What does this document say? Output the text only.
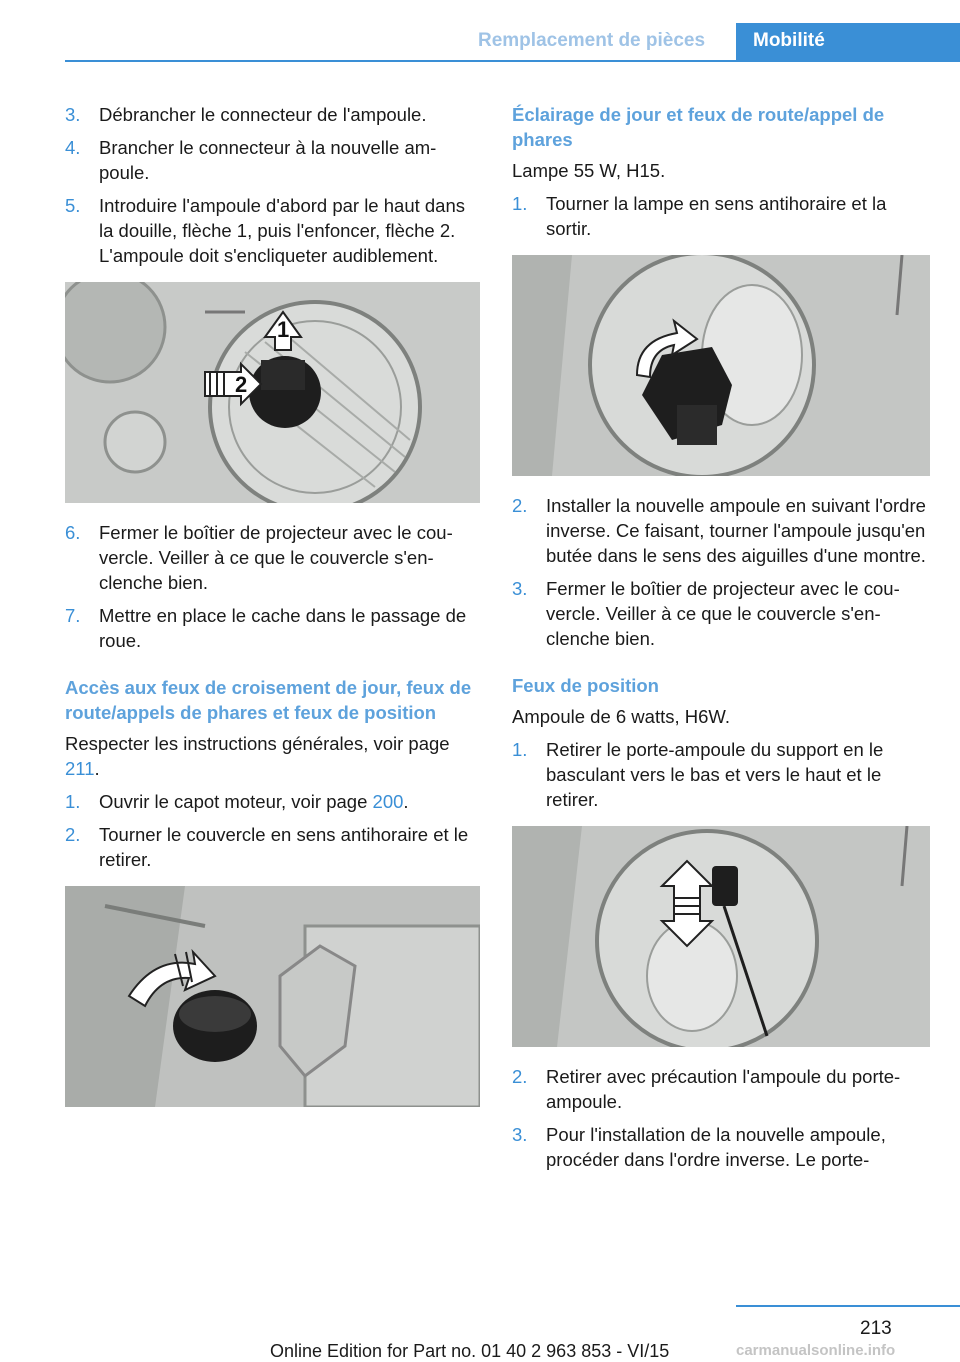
Remplacement de pièces	Mobilité
3. Débrancher le connecteur de l'ampoule.
4. Brancher le connecteur à la nouvelle ampoule.
5. Introduire l'ampoule d'abord par le haut dans la douille, flèche 1, puis l'enfoncer, flèche 2. L'ampoule doit s'encliqueter audiblement.
1
2
6. Fermer le boîtier de projecteur avec le couvercle. Veiller à ce que le couvercle s'enclenche bien.
7. Mettre en place le cache dans le passage de roue.
Accès aux feux de croisement de jour, feux de route/appels de phares et feux de position
Respecter les instructions générales, voir page 211.
1. Ouvrir le capot moteur, voir page 200.
2. Tourner le couvercle en sens antihoraire et le retirer.
Éclairage de jour et feux de route/appel de phares
Lampe 55 W, H15.
1. Tourner la lampe en sens antihoraire et la sortir.
2. Installer la nouvelle ampoule en suivant l'ordre inverse. Ce faisant, tourner l'ampoule jusqu'en butée dans le sens des aiguilles d'une montre.
3. Fermer le boîtier de projecteur avec le couvercle. Veiller à ce que le couvercle s'enclenche bien.
Feux de position
Ampoule de 6 watts, H6W.
1. Retirer le porte-ampoule du support en le basculant vers le bas et vers le haut et le retirer.
2. Retirer avec précaution l'ampoule du porte-ampoule.
3. Pour l'installation de la nouvelle ampoule, procéder dans l'ordre inverse. Le porte-
213
Online Edition for Part no. 01 40 2 963 853 - VI/15	carmanualsonline.info
